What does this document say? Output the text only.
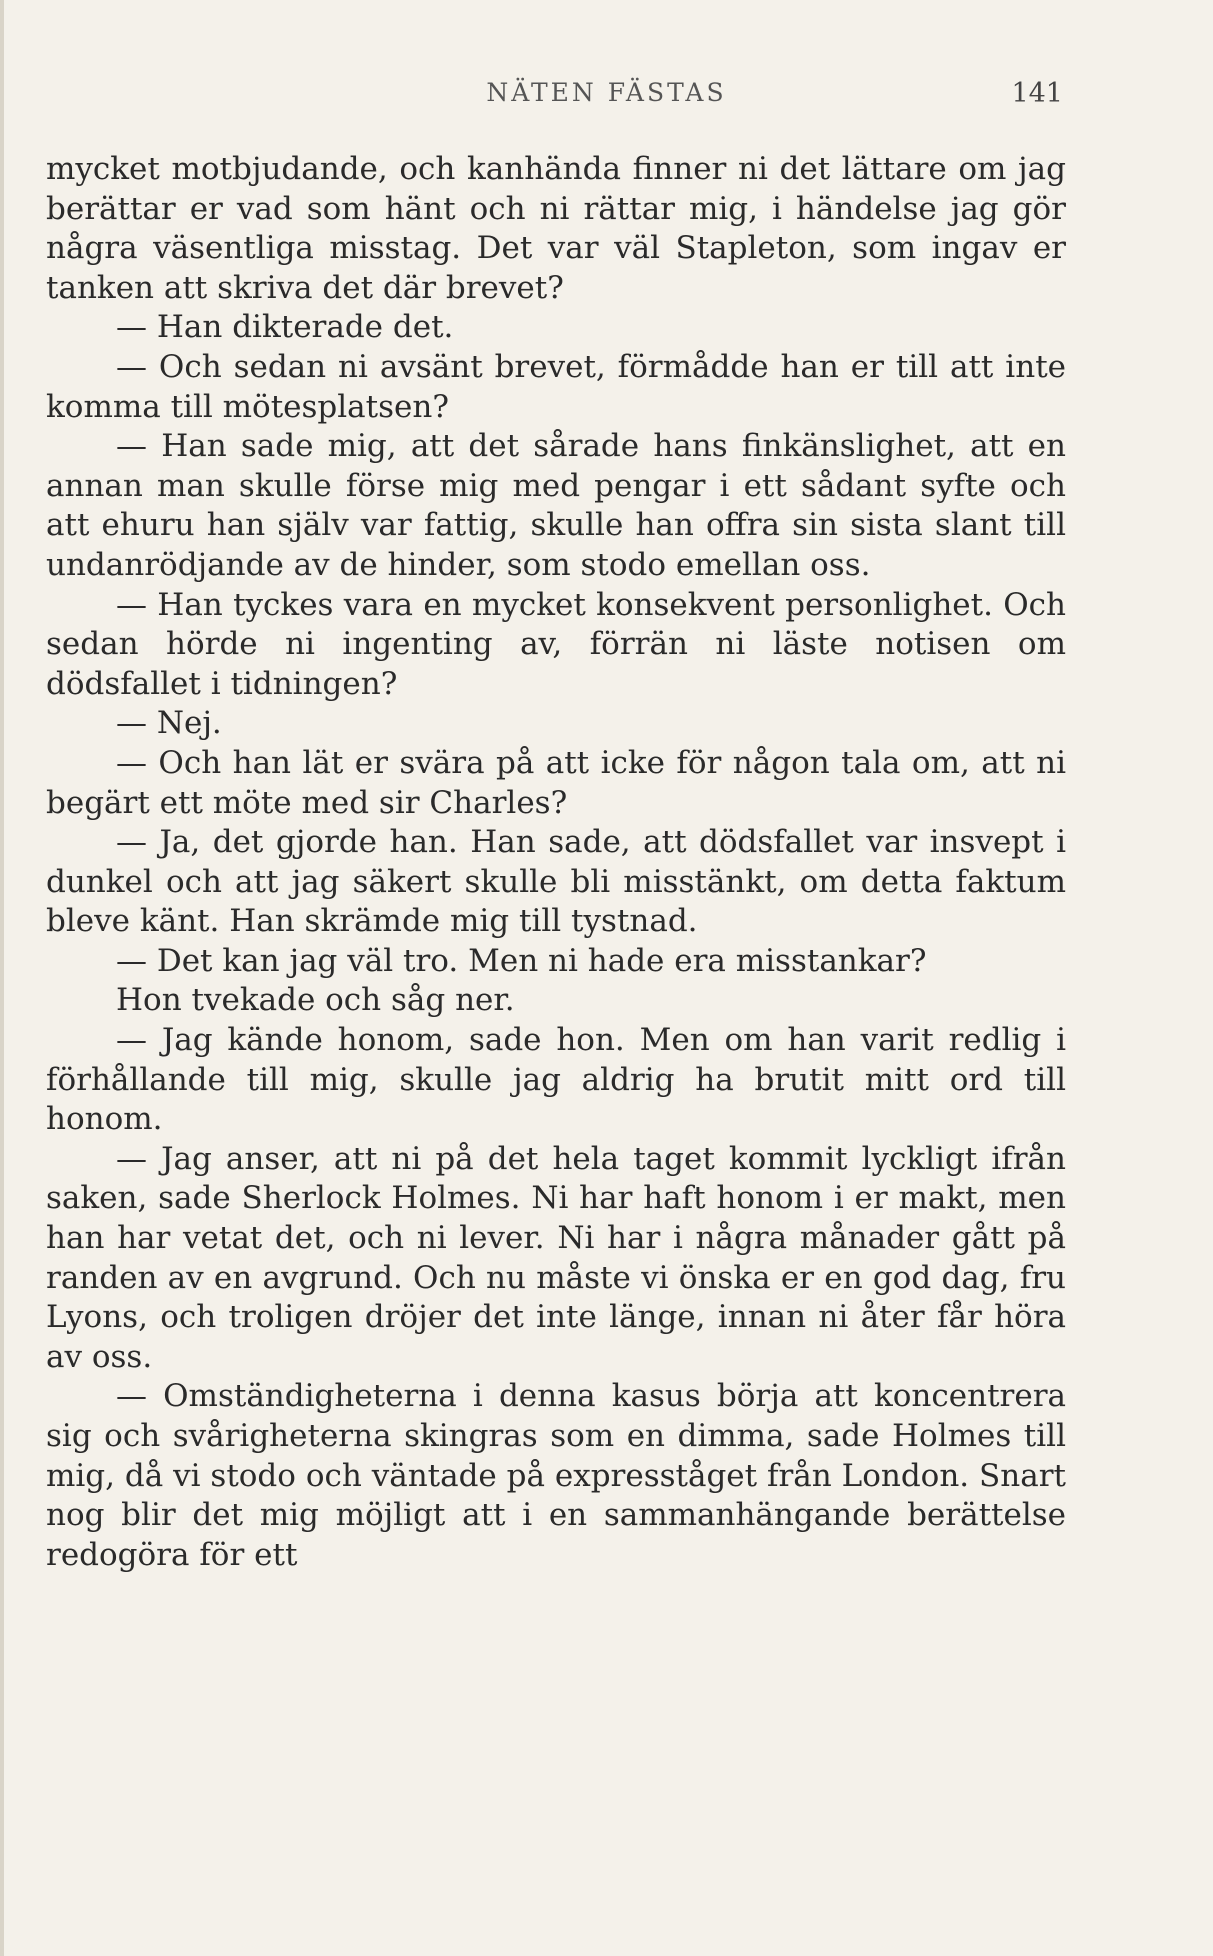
NÄTEN FÄSTAS	141

mycket motbjudande, och kanhända finner ni det lättare om jag berättar er vad som hänt och ni rättar mig, i händelse jag gör några väsentliga misstag. Det var väl Stapleton, som ingav er tanken att skriva det där brevet?

— Han dikterade det.

— Och sedan ni avsänt brevet, förmådde han er till att inte komma till mötesplatsen?

— Han sade mig, att det sårade hans finkänslighet, att en annan man skulle förse mig med pengar i ett sådant syfte och att ehuru han själv var fattig, skulle han offra sin sista slant till undanrödjande av de hinder, som stodo emellan oss.

— Han tyckes vara en mycket konsekvent personlighet. Och sedan hörde ni ingenting av, förrän ni läste notisen om dödsfallet i tidningen?

— Nej.

— Och han lät er svära på att icke för någon tala om, att ni begärt ett möte med sir Charles?

— Ja, det gjorde han. Han sade, att dödsfallet var insvept i dunkel och att jag säkert skulle bli misstänkt, om detta faktum bleve känt. Han skrämde mig till tystnad.

— Det kan jag väl tro. Men ni hade era misstankar?

Hon tvekade och såg ner.

— Jag kände honom, sade hon. Men om han varit redlig i förhållande till mig, skulle jag aldrig ha brutit mitt ord till honom.

— Jag anser, att ni på det hela taget kommit lyckligt ifrån saken, sade Sherlock Holmes. Ni har haft honom i er makt, men han har vetat det, och ni lever. Ni har i några månader gått på randen av en avgrund. Och nu måste vi önska er en god dag, fru Lyons, och troligen dröjer det inte länge, innan ni åter får höra av oss.

— Omständigheterna i denna kasus börja att koncentrera sig och svårigheterna skingras som en dimma, sade Holmes till mig, då vi stodo och väntade på expresståget från London. Snart nog blir det mig möjligt att i en sammanhängande berättelse redogöra för ett
